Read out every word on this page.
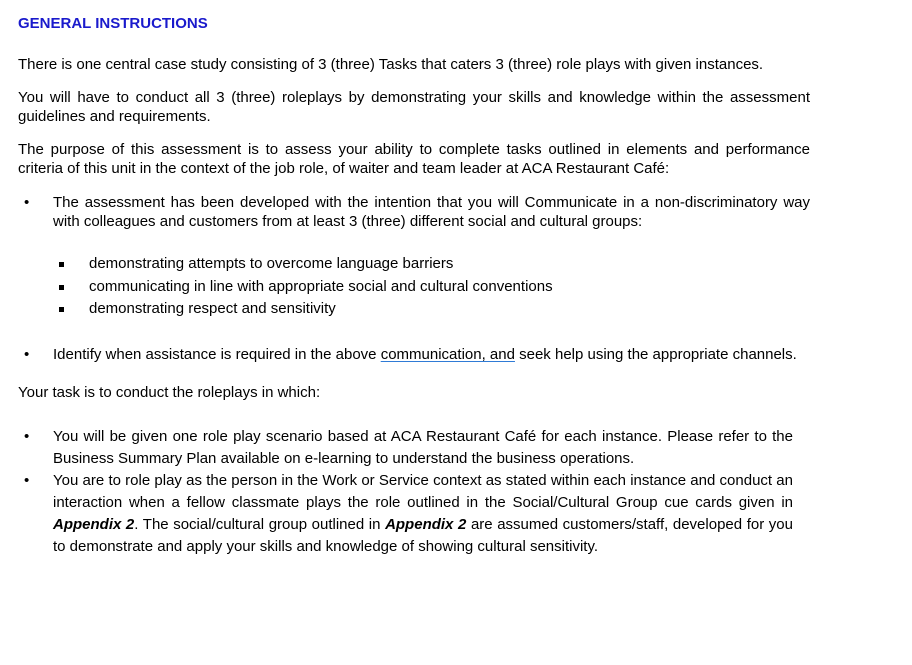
GENERAL INSTRUCTIONS

There is one central case study consisting of 3 (three) Tasks that caters 3 (three) role plays with given instances.

You will have to conduct all 3 (three) roleplays by demonstrating your skills and knowledge within the assessment guidelines and requirements.

The purpose of this assessment is to assess your ability to complete tasks outlined in elements and performance criteria of this unit in the context of the job role, of waiter and team leader at ACA Restaurant Café:

• The assessment has been developed with the intention that you will Communicate in a non-discriminatory way with colleagues and customers from at least 3 (three) different social and cultural groups:
demonstrating attempts to overcome language barriers
communicating in line with appropriate social and cultural conventions
demonstrating respect and sensitivity
• Identify when assistance is required in the above communication, and seek help using the appropriate channels.

Your task is to conduct the roleplays in which:

• You will be given one role play scenario based at ACA Restaurant Café for each instance. Please refer to the Business Summary Plan available on e-learning to understand the business operations.
• You are to role play as the person in the Work or Service context as stated within each instance and conduct an interaction when a fellow classmate plays the role outlined in the Social/Cultural Group cue cards given in Appendix 2. The social/cultural group outlined in Appendix 2 are assumed customers/staff, developed for you to demonstrate and apply your skills and knowledge of showing cultural sensitivity.
